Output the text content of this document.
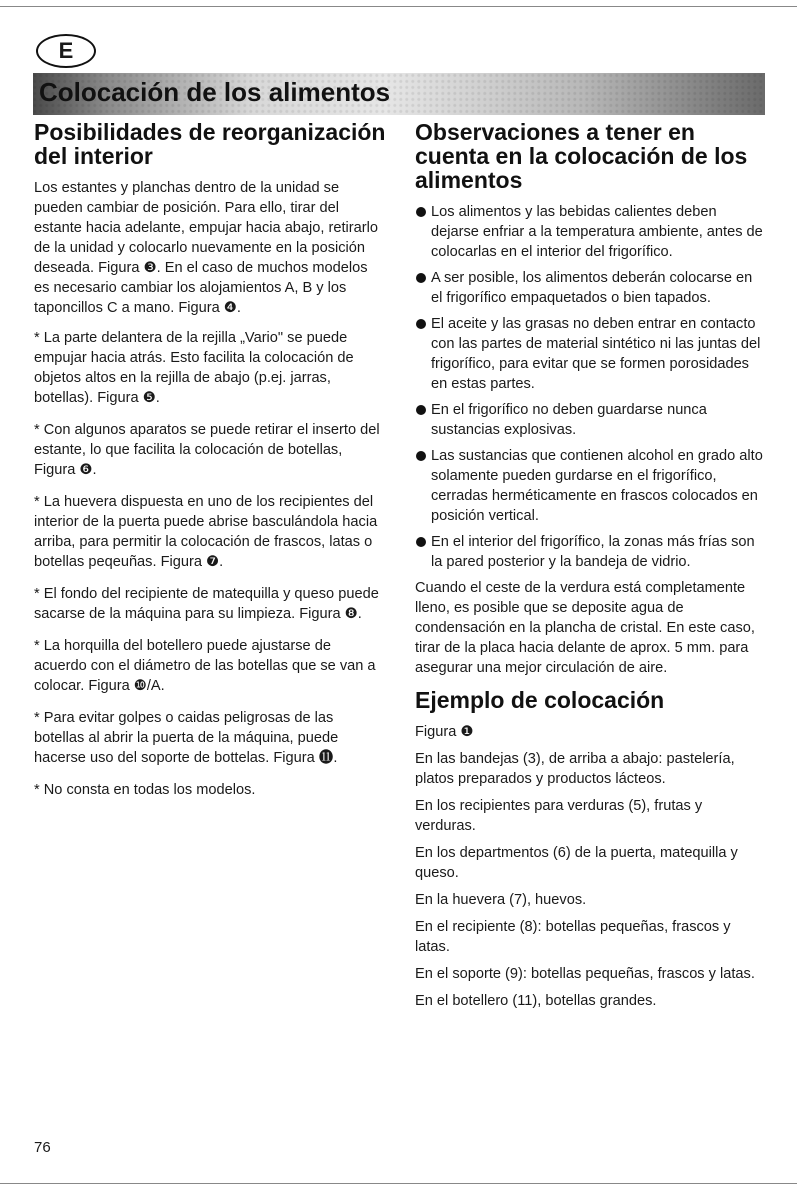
E
Colocación de los alimentos
Posibilidades de reorganización del interior

Los estantes y planchas dentro de la unidad se pueden cambiar de posición. Para ello, tirar del estante hacia adelante, empujar hacia abajo, retirarlo de la unidad y colocarlo nuevamente en la posición deseada. Figura ❸. En el caso de muchos modelos es necesario cambiar los alojamientos A, B y los taponcillos C a mano. Figura ❹.

* La parte delantera de la rejilla „Vario" se puede empujar hacia atrás. Esto facilita la colocación de objetos altos en la rejilla de abajo (p.ej. jarras, botellas). Figura ❺.

* Con algunos aparatos se puede retirar el inserto del estante, lo que facilita la colocación de botellas, Figura ❻.

* La huevera dispuesta en uno de los recipientes del interior de la puerta puede abrise basculándola hacia arriba, para permitir la colocación de frascos, latas o botellas peqeuñas. Figura ❼.

* El fondo del recipiente de matequilla y queso puede sacarse de la máquina para su limpieza. Figura ❽.

* La horquilla del botellero puede ajustarse de acuerdo con el diámetro de las botellas que se van a colocar. Figura ❿/A.

* Para evitar golpes o caidas peligrosas de las botellas al abrir la puerta de la máquina, puede hacerse uso del soporte de bottelas. Figura ⓫.

* No consta en todas los modelos.

Observaciones a tener en cuenta en la colocación de los alimentos
Los alimentos y las bebidas calientes deben dejarse enfriar a la temperatura ambiente, antes de colocarlas en el interior del frigorífico.
A ser posible, los alimentos deberán colocarse en el frigorífico empaquetados o bien tapados.
El aceite y las grasas no deben entrar en contacto con las partes de material sintético ni las juntas del frigorífico, para evitar que se formen porosidades en estas partes.
En el frigorífico no deben guardarse nunca sustancias explosivas.
Las sustancias que contienen alcohol en grado alto solamente pueden gurdarse en el frigorífico, cerradas herméticamente en frascos colocados en posición vertical.
En el interior del frigorífico, la zonas más frías son la pared posterior y la bandeja de vidrio.

Cuando el ceste de la verdura está completamente lleno, es posible que se deposite agua de condensación en la plancha de cristal. En este caso, tirar de la placa hacia delante de aprox. 5 mm. para asegurar una mejor circulación de aire.

Ejemplo de colocación

Figura ❶

En las bandejas (3), de arriba a abajo: pastelería, platos preparados y productos lácteos.

En los recipientes para verduras (5), frutas y verduras.

En los departmentos (6) de la puerta, matequilla y queso.

En la huevera (7), huevos.

En el recipiente (8): botellas pequeñas, frascos y latas.

En el soporte (9): botellas pequeñas, frascos y latas.

En el botellero (11), botellas grandes.

76
